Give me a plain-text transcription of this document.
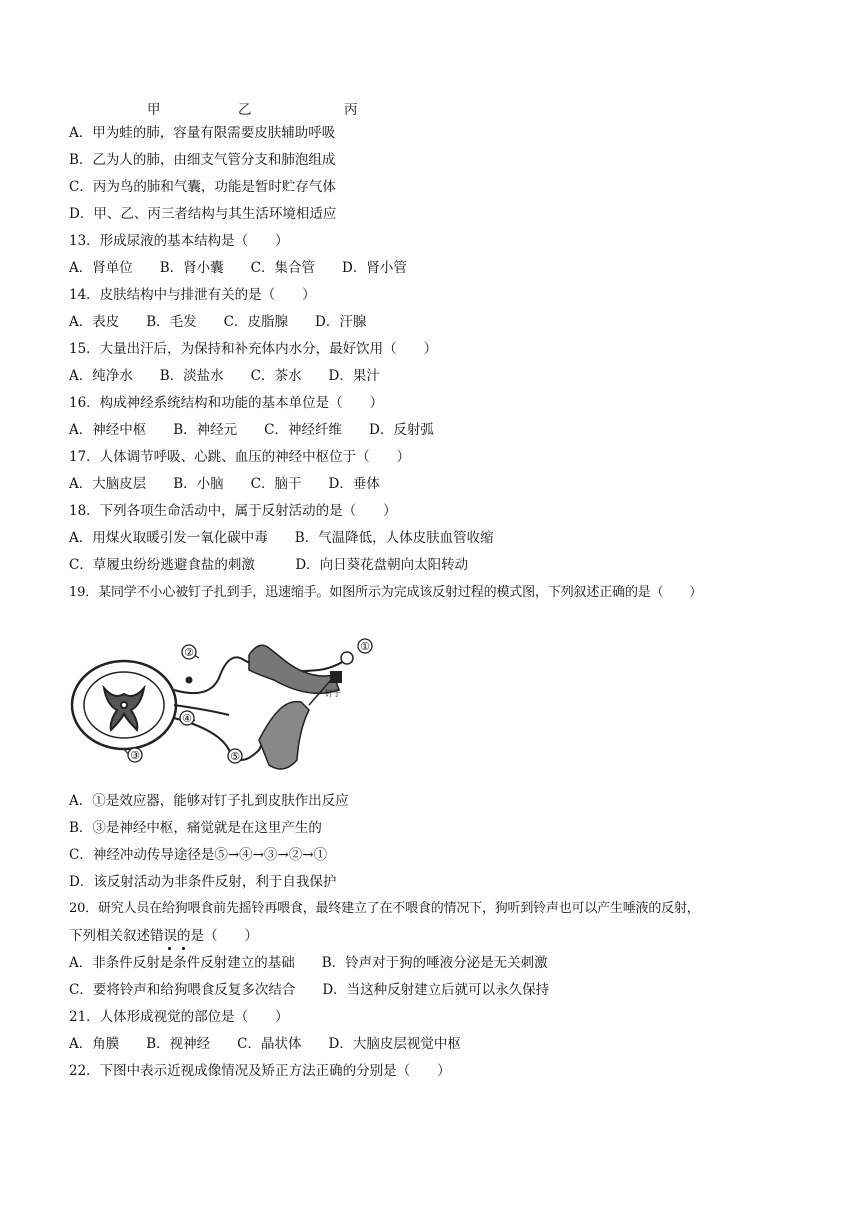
甲	乙	丙
A．甲为蛙的肺，容量有限需要皮肤辅助呼吸
B．乙为人的肺，由细支气管分支和肺泡组成
C．丙为鸟的肺和气囊，功能是暂时贮存气体
D．甲、乙、丙三者结构与其生活环境相适应
13．形成尿液的基本结构是（　　）
A．肾单位　　B．肾小囊　　C．集合管　　D．肾小管
14．皮肤结构中与排泄有关的是（　　）
A．表皮　　B．毛发　　C．皮脂腺　　D．汗腺
15．大量出汗后，为保持和补充体内水分，最好饮用（　　）
A．纯净水　　B．淡盐水　　C．茶水　　D．果汁
16．构成神经系统结构和功能的基本单位是（　　）
A．神经中枢　　B．神经元　　C．神经纤维　　D．反射弧
17．人体调节呼吸、心跳、血压的神经中枢位于（　　）
A．大脑皮层　　B．小脑　　C．脑干　　D．垂体
18．下列各项生命活动中，属于反射活动的是（　　）
A．用煤火取暖引发一氧化碳中毒　　B．气温降低，人体皮肤血管收缩
C．草履虫纷纷逃避食盐的刺激　　　D．向日葵花盘朝向太阳转动
19．某同学不小心被钉子扎到手，迅速缩手。如图所示为完成该反射过程的模式图，下列叙述正确的是（　　）
①
②
③
④
⑤
钉子
A．①是效应器，能够对钉子扎到皮肤作出反应
B．③是神经中枢，痛觉就是在这里产生的
C．神经冲动传导途径是⑤→④→③→②→①
D．该反射活动为非条件反射，利于自我保护
20．研究人员在给狗喂食前先摇铃再喂食，最终建立了在不喂食的情况下，狗听到铃声也可以产生唾液的反射，
下列相关叙述错误的是（　　）
A．非条件反射是条件反射建立的基础　　B．铃声对于狗的唾液分泌是无关刺激
C．要将铃声和给狗喂食反复多次结合　　D．当这种反射建立后就可以永久保持
21．人体形成视觉的部位是（　　）
A．角膜　　B．视神经　　C．晶状体　　D．大脑皮层视觉中枢
22．下图中表示近视成像情况及矫正方法正确的分别是（　　）
